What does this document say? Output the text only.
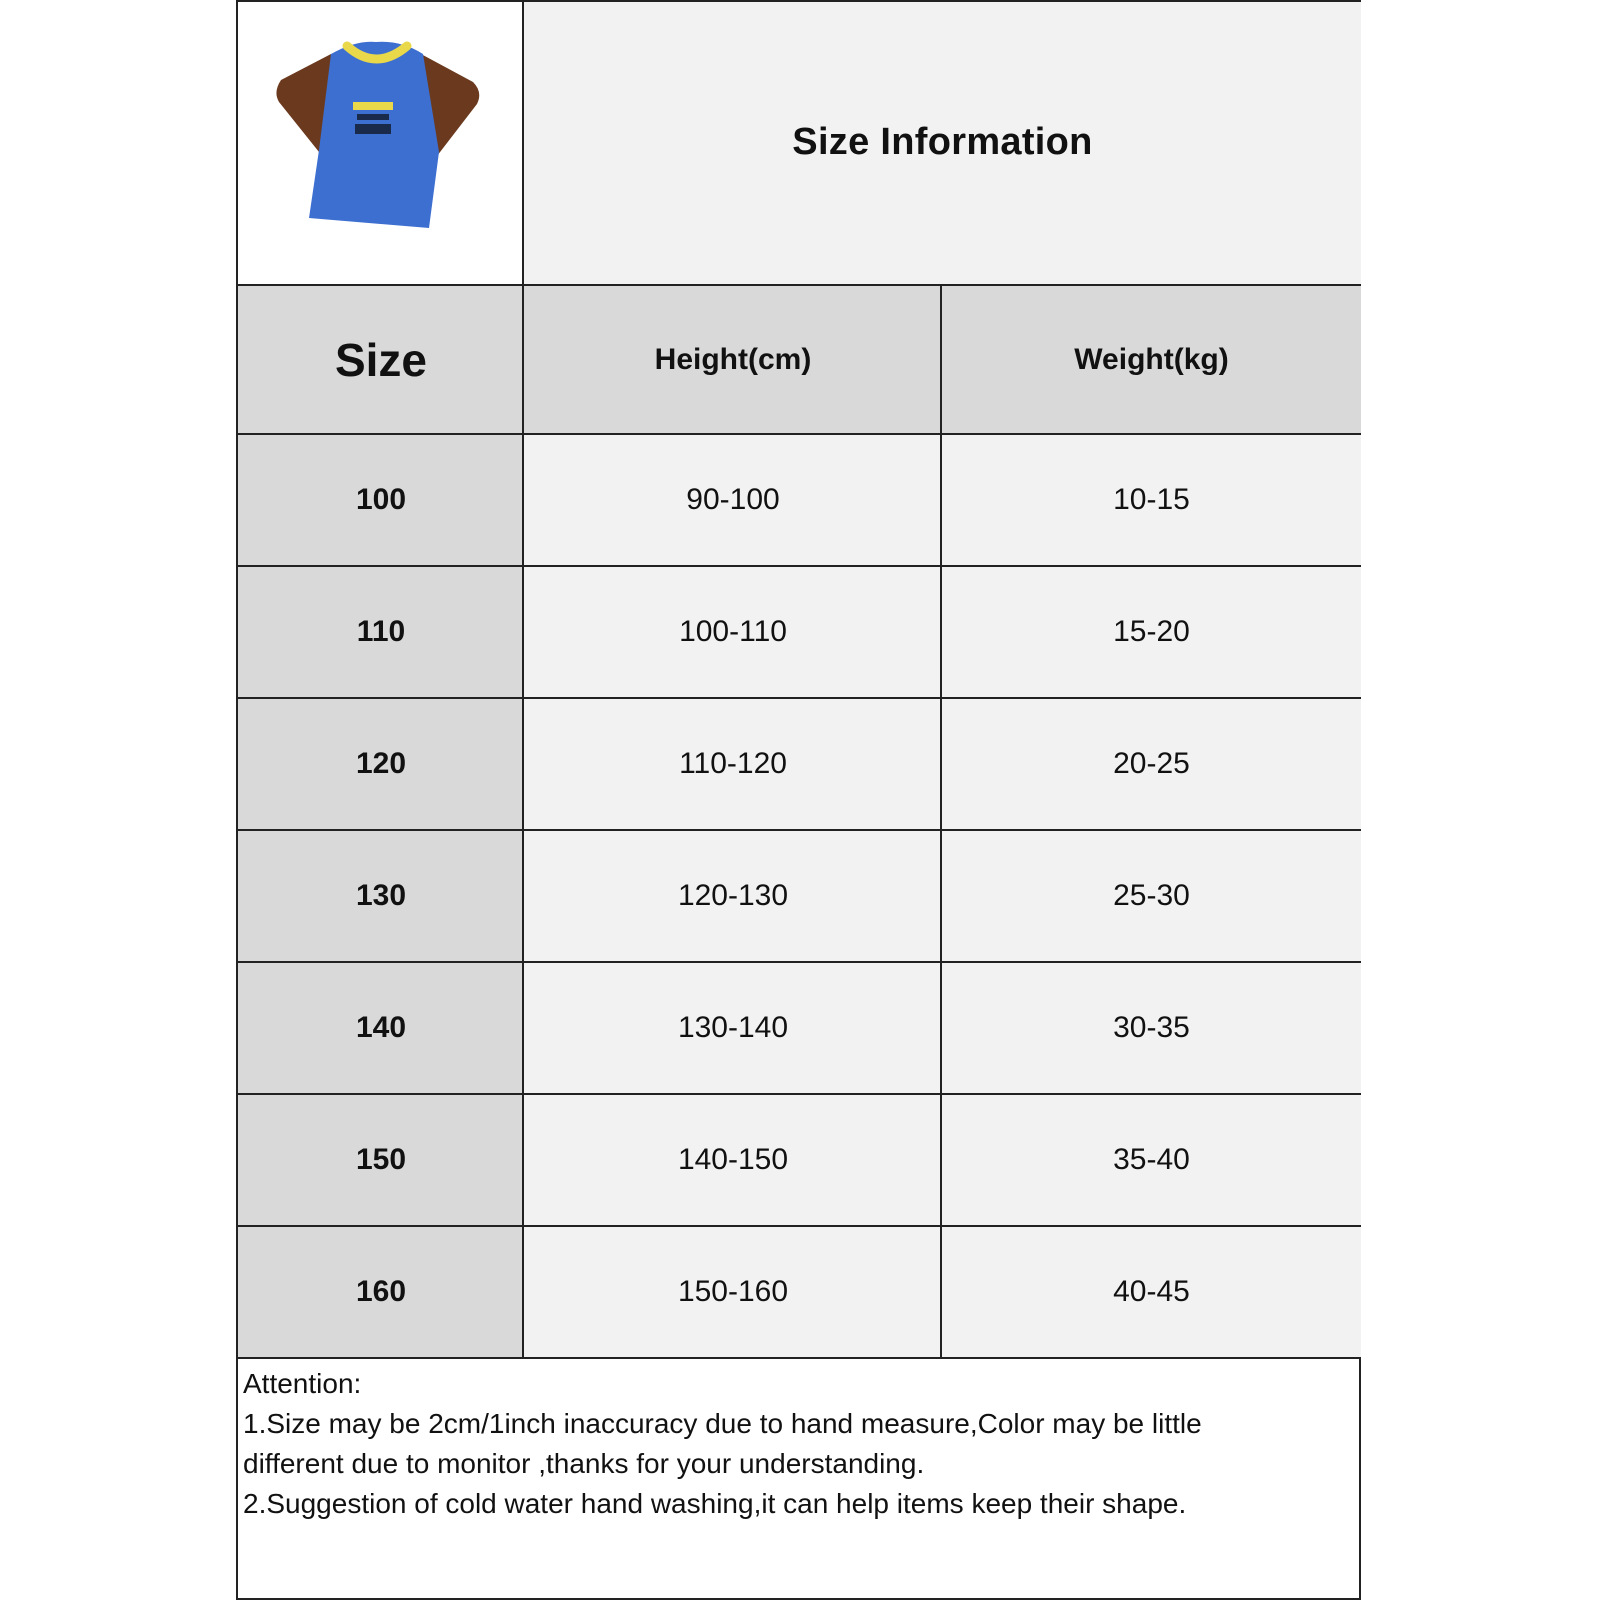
Size Information
Size	Height(cm)	Weight(kg)
100	90-100	10-15
110	100-110	15-20
120	110-120	20-25
130	120-130	25-30
140	130-140	30-35
150	140-150	35-40
160	150-160	40-45
Attention:
1.Size may be 2cm/1inch inaccuracy due to hand measure,Color may be little
different due to monitor ,thanks for your understanding.
2.Suggestion of cold water hand washing,it can help items keep their shape.
